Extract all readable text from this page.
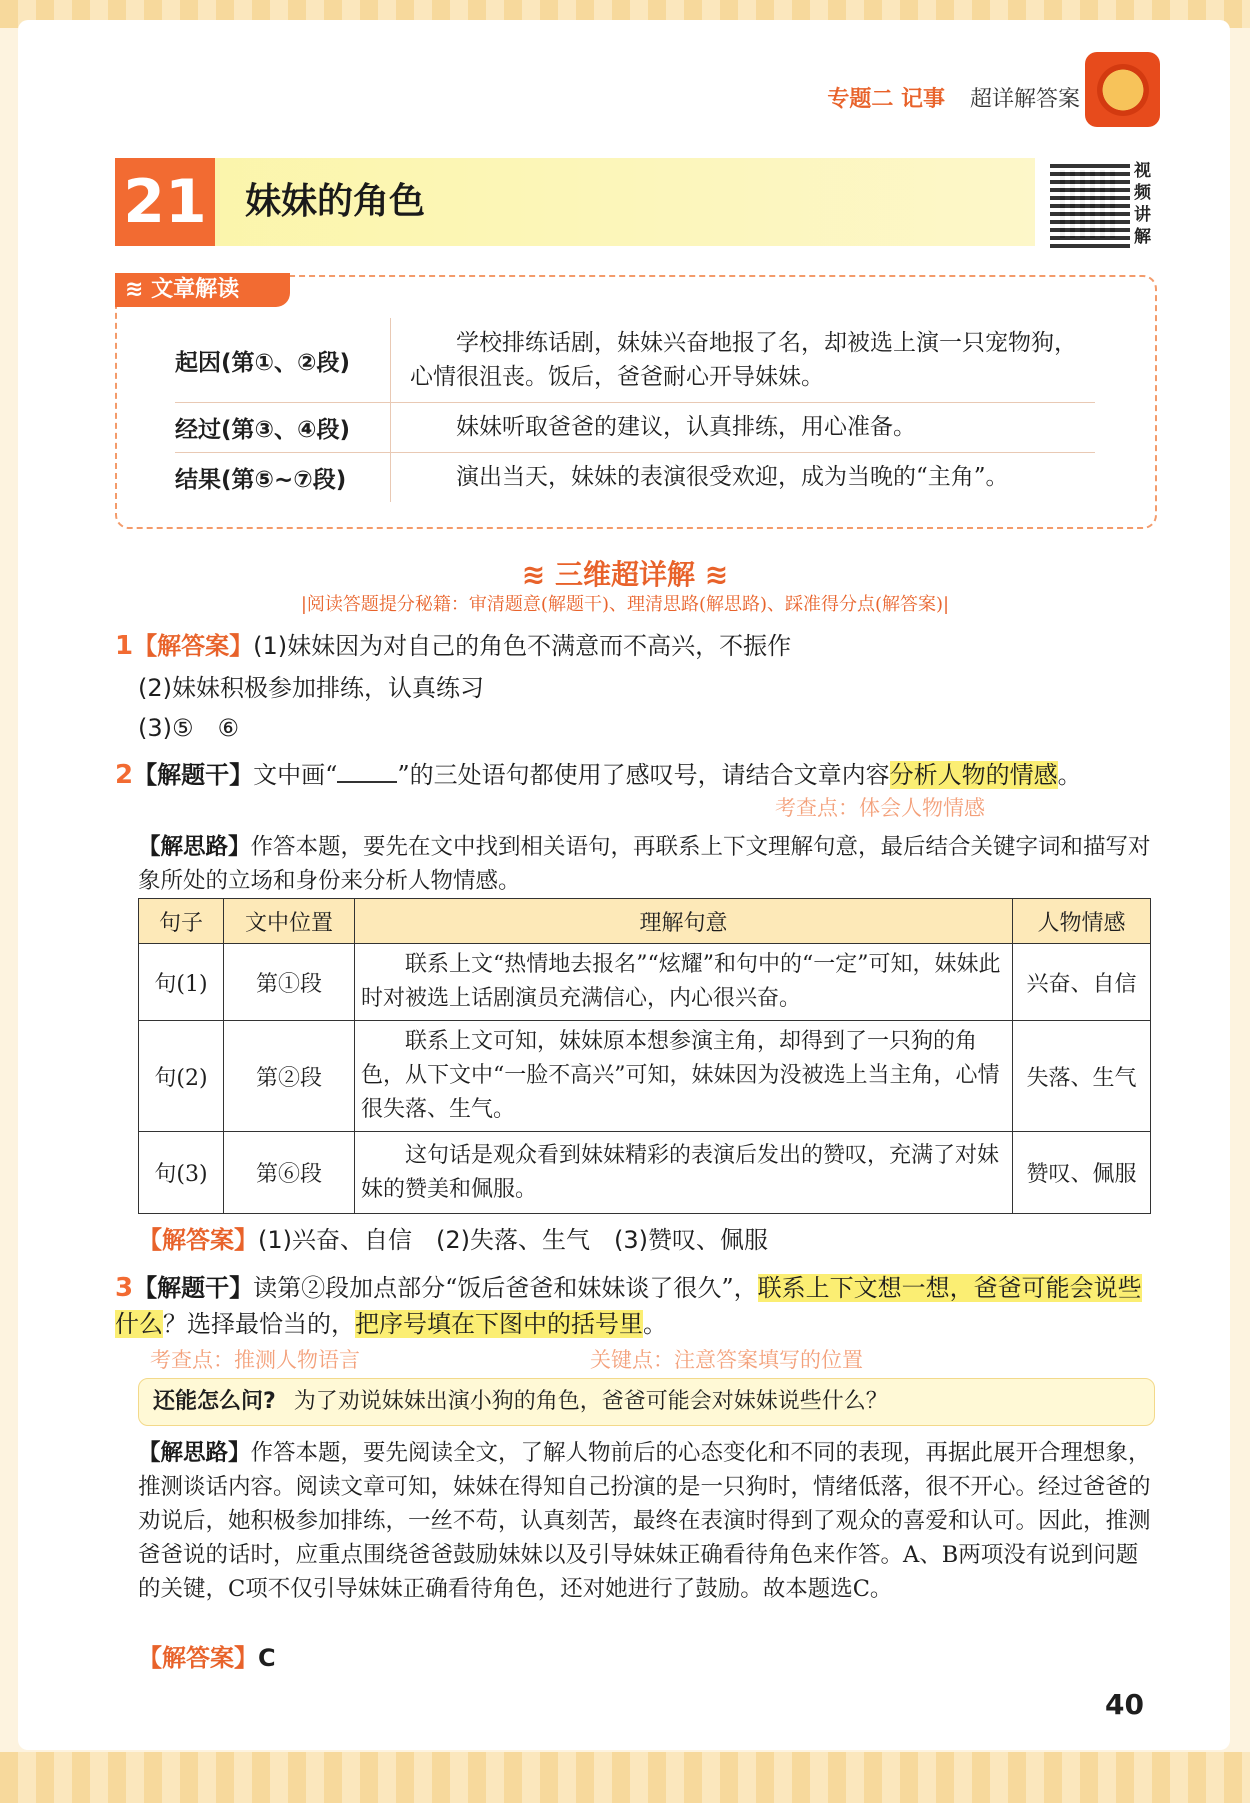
专题二 记事 超详解答案
21 妹妹的角色
视频讲解
≋ 文章解读
起因(第①、②段)
学校排练话剧，妹妹兴奋地报了名，却被选上演一只宠物狗，心情很沮丧。饭后，爸爸耐心开导妹妹。
经过(第③、④段)	妹妹听取爸爸的建议，认真排练，用心准备。
结果(第⑤~⑦段)	演出当天，妹妹的表演很受欢迎，成为当晚的“主角”。
≋ 三维超详解 ≋
|阅读答题提分秘籍：审清题意(解题干)、理清思路(解思路)、踩准得分点(解答案)|
1【解答案】(1)妹妹因为对自己的角色不满意而不高兴，不振作
(2)妹妹积极参加排练，认真练习
(3)⑤　⑥
2【解题干】文中画“	”的三处语句都使用了感叹号，请结合文章内容分析人物的情感。
考查点：体会人物情感
【解思路】作答本题，要先在文中找到相关语句，再联系上下文理解句意，最后结合关键字词和描写对象所处的立场和身份来分析人物情感。
句子	文中位置	理解句意	人物情感
句(1)	第①段	联系上文“热情地去报名”“炫耀”和句中的“一定”可知，妹妹此时对被选上话剧演员充满信心，内心很兴奋。	兴奋、自信
句(2)	第②段	联系上文可知，妹妹原本想参演主角，却得到了一只狗的角色，从下文中“一脸不高兴”可知，妹妹因为没被选上当主角，心情很失落、生气。	失落、生气
句(3)	第⑥段	这句话是观众看到妹妹精彩的表演后发出的赞叹，充满了对妹妹的赞美和佩服。	赞叹、佩服
【解答案】(1)兴奋、自信　(2)失落、生气　(3)赞叹、佩服
3【解题干】读第②段加点部分“饭后爸爸和妹妹谈了很久”，联系上下文想一想，爸爸可能会说些什么？选择最恰当的，把序号填在下图中的括号里。
考查点：推测人物语言	关键点：注意答案填写的位置
还能怎么问? 为了劝说妹妹出演小狗的角色，爸爸可能会对妹妹说些什么？
【解思路】作答本题，要先阅读全文，了解人物前后的心态变化和不同的表现，再据此展开合理想象，推测谈话内容。阅读文章可知，妹妹在得知自己扮演的是一只狗时，情绪低落，很不开心。经过爸爸的劝说后，她积极参加排练，一丝不苟，认真刻苦，最终在表演时得到了观众的喜爱和认可。因此，推测爸爸说的话时，应重点围绕爸爸鼓励妹妹以及引导妹妹正确看待角色来作答。A、B两项没有说到问题的关键，C项不仅引导妹妹正确看待角色，还对她进行了鼓励。故本题选C。
【解答案】C
40
